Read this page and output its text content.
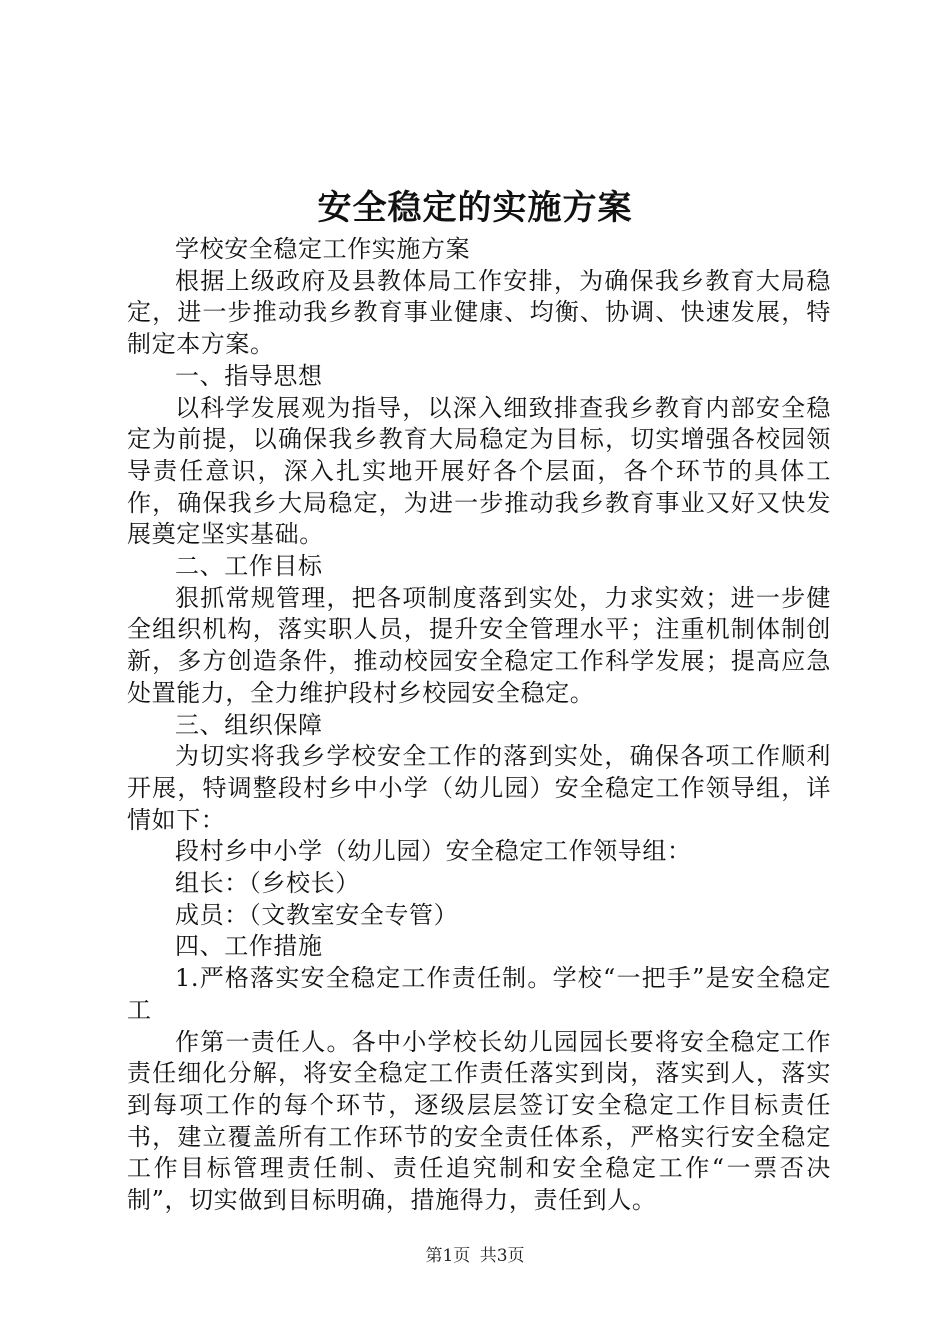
安全稳定的实施方案

学校安全稳定工作实施方案

根据上级政府及县教体局工作安排，为确保我乡教育大局稳定，进一步推动我乡教育事业健康、均衡、协调、快速发展，特制定本方案。

一、指导思想

以科学发展观为指导，以深入细致排查我乡教育内部安全稳定为前提，以确保我乡教育大局稳定为目标，切实增强各校园领导责任意识，深入扎实地开展好各个层面，各个环节的具体工作，确保我乡大局稳定，为进一步推动我乡教育事业又好又快发展奠定坚实基础。

二、工作目标

狠抓常规管理，把各项制度落到实处，力求实效；进一步健全组织机构，落实职人员，提升安全管理水平；注重机制体制创新，多方创造条件，推动校园安全稳定工作科学发展；提高应急处置能力，全力维护段村乡校园安全稳定。

三、组织保障

为切实将我乡学校安全工作的落到实处，确保各项工作顺利开展，特调整段村乡中小学（幼儿园）安全稳定工作领导组，详情如下：

段村乡中小学（幼儿园）安全稳定工作领导组：

组长：（乡校长）

成员：（文教室安全专管）

四、工作措施

1.严格落实安全稳定工作责任制。学校“一把手”是安全稳定工

作第一责任人。各中小学校长幼儿园园长要将安全稳定工作责任细化分解，将安全稳定工作责任落实到岗，落实到人，落实到每项工作的每个环节，逐级层层签订安全稳定工作目标责任书，建立覆盖所有工作环节的安全责任体系，严格实行安全稳定工作目标管理责任制、责任追究制和安全稳定工作“一票否决制”，切实做到目标明确，措施得力，责任到人。

第1页 共3页
